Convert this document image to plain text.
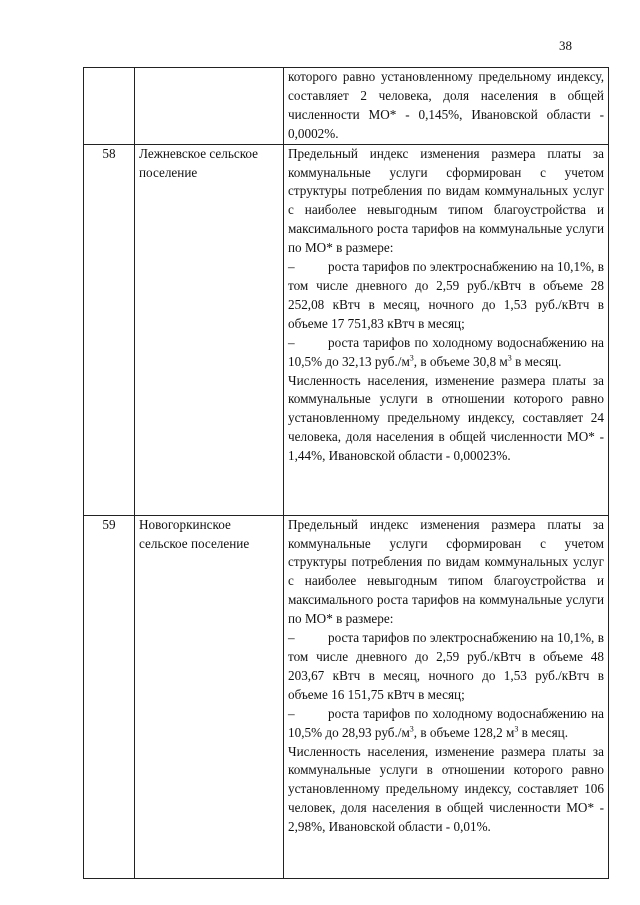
38

		которого равно установленному предельному индексу, составляет 2 человека, доля населения в общей численности МО* - 0,145%, Ивановской области - 0,0002%.

58	Лежневское сельское поселение	Предельный индекс изменения размера платы за коммунальные услуги сформирован с учетом структуры потребления по видам коммунальных услуг с наиболее невыгодным типом благоустройства и максимального роста тарифов на коммунальные услуги по МО* в размере:

– роста тарифов по электроснабжению на 10,1%, в том числе дневного до 2,59 руб./кВтч в объеме 28 252,08 кВтч в месяц, ночного до 1,53 руб./кВтч в объеме 17 751,83 кВтч в месяц;

– роста тарифов по холодному водоснабжению на 10,5% до 32,13 $руб./м^3$, в объеме 30,8 $м^3$ в месяц.

Численность населения, изменение размера платы за коммунальные услуги в отношении которого равно установленному предельному индексу, составляет 24 человека, доля населения в общей численности МО* - 1,44%, Ивановской области - 0,00023%.

59	Новогоркинское сельское поселение	Предельный индекс изменения размера платы за коммунальные услуги сформирован с учетом структуры потребления по видам коммунальных услуг с наиболее невыгодным типом благоустройства и максимального роста тарифов на коммунальные услуги по МО* в размере:

– роста тарифов по электроснабжению на 10,1%, в том числе дневного до 2,59 руб./кВтч в объеме 48 203,67 кВтч в месяц, ночного до 1,53 руб./кВтч в объеме 16 151,75 кВтч в месяц;

– роста тарифов по холодному водоснабжению на 10,5% до 28,93 $руб./м^3$, в объеме 128,2 $м^3$ в месяц.

Численность населения, изменение размера платы за коммунальные услуги в отношении которого равно установленному предельному индексу, составляет 106 человек, доля населения в общей численности МО* - 2,98%, Ивановской области - 0,01%.
